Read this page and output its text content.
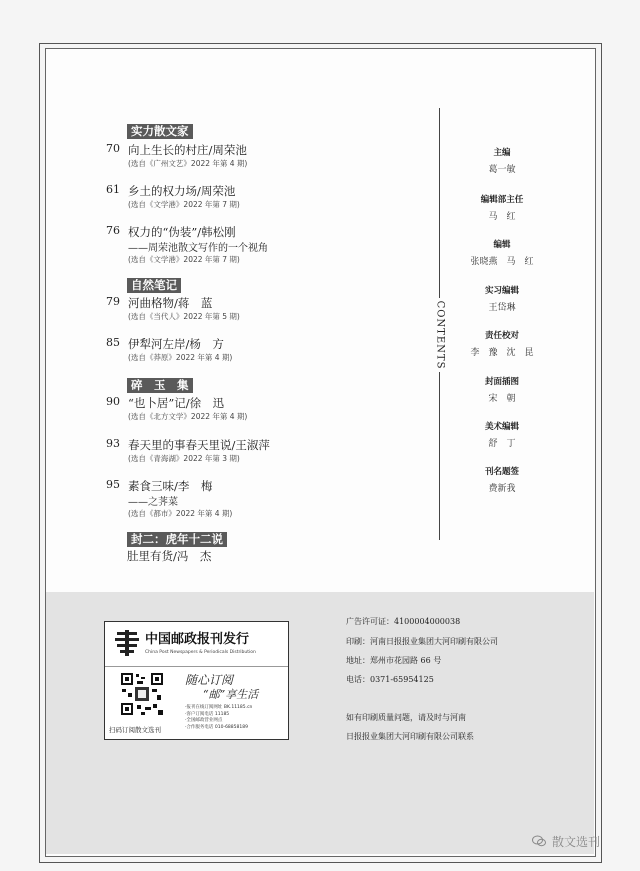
实力散文家
70 向上生长的村庄/周荣池
(选自《广州文艺》2022 年第 4 期)
61 乡土的权力场/周荣池
(选自《文学港》2022 年第 7 期)
76 权力的“伪装”/韩松刚
——周荣池散文写作的一个视角
(选自《文学港》2022 年第 7 期)
自然笔记
79 河曲格物/蒋　蓝
(选自《当代人》2022 年第 5 期)
85 伊犁河左岸/杨　方
(选自《莽原》2022 年第 4 期)
碎　玉　集
90 “也卜居”记/徐　迅
(选自《北方文学》2022 年第 4 期)
93 春天里的事春天里说/王淑萍
(选自《青海湖》2022 年第 3 期)
95 素食三味/李　梅
——之荠菜
(选自《都市》2022 年第 4 期)
封二：虎年十二说
肚里有货/冯　杰
CONTENTS
主编
葛一敏
编辑部主任
马　红
编辑
张晓燕　马　红
实习编辑
王岱琳
责任校对
李　豫　沈　昆
封面插图
宋　朝
美术编辑
舒　丁
刊名题签
费新我
中国邮政报刊发行
China Post Newspapers & Periodicals Distribution
随心订阅
“邮”享生活
·报刊在线订阅网址 BK.11185.cn
·客户订阅电话 11185
·全国邮政营业网点
·合作服务电话 010-68858189
扫码订阅散文选刊
广告许可证：4100004000038
印刷：河南日报报业集团大河印刷有限公司
地址：郑州市花园路 66 号
电话：0371-65954125
如有印刷质量问题，请及时与河南
日报报业集团大河印刷有限公司联系
散文选刊
